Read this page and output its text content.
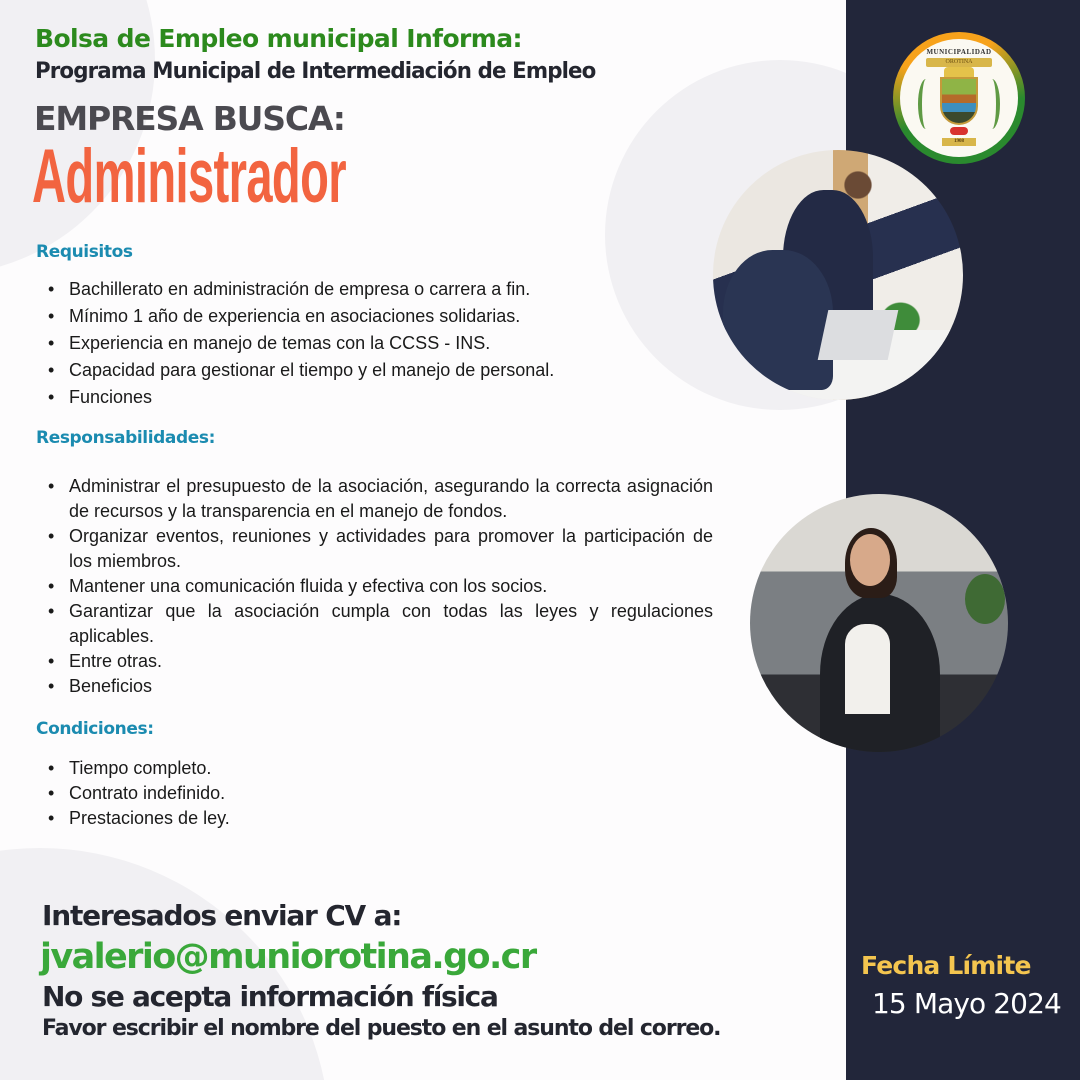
MUNICIPALIDAD
OROTINA
1908
Bolsa de Empleo municipal Informa:
Programa Municipal de Intermediación de Empleo
EMPRESA BUSCA:
Administrador
Requisitos
• Bachillerato en administración de empresa o carrera a fin.
• Mínimo 1 año de experiencia en asociaciones solidarias.
• Experiencia en manejo de temas con la CCSS - INS.
• Capacidad para gestionar el tiempo y el manejo de personal.
• Funciones
Responsabilidades:
• Administrar el presupuesto de la asociación, asegurando la correcta asignación de recursos y la transparencia en el manejo de fondos.
• Organizar eventos, reuniones y actividades para promover la participación de los miembros.
• Mantener una comunicación fluida y efectiva con los socios.
• Garantizar que la asociación cumpla con todas las leyes y regulaciones aplicables.
• Entre otras.
• Beneficios
Condiciones:
• Tiempo completo.
• Contrato indefinido.
• Prestaciones de ley.
Interesados enviar CV a:
jvalerio@muniorotina.go.cr
No se acepta información física
Favor escribir el nombre del puesto en el asunto del correo.
Fecha Límite
15 Mayo 2024
